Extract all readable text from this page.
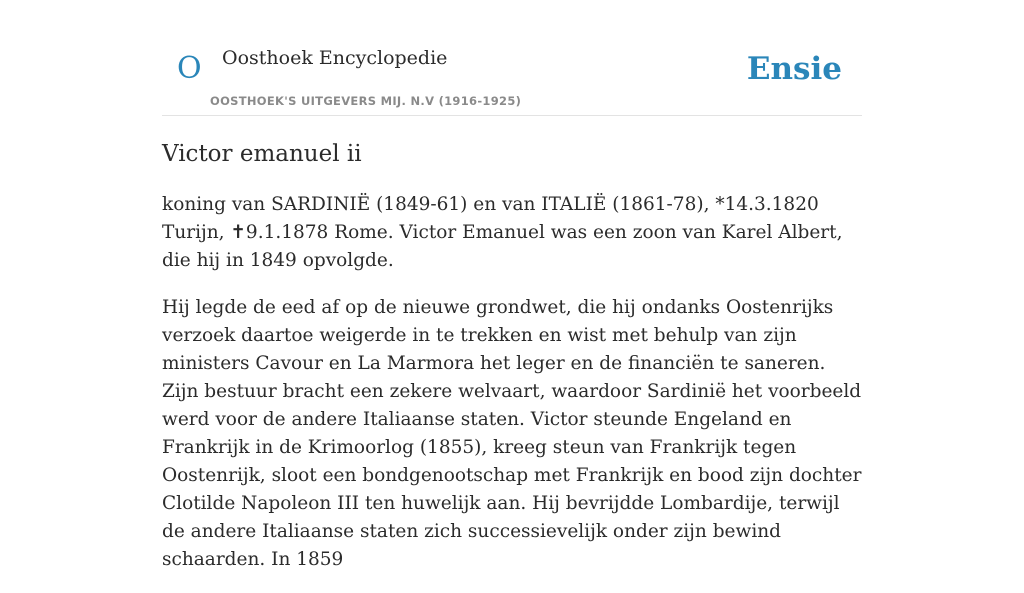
O Oosthoek Encyclopedie
OOSTHOEK'S UITGEVERS MIJ. N.V (1916-1925)
Ensie
Victor emanuel ii

koning van SARDINIË (1849-61) en van ITALIË (1861-78), *14.3.1820 Turijn, ✝9.1.1878 Rome. Victor Emanuel was een zoon van Karel Albert, die hij in 1849 opvolgde.

Hij legde de eed af op de nieuwe grondwet, die hij ondanks Oostenrijks verzoek daartoe weigerde in te trekken en wist met behulp van zijn ministers Cavour en La Marmora het leger en de financiën te saneren. Zijn bestuur bracht een zekere welvaart, waardoor Sardinië het voorbeeld werd voor de andere Italiaanse staten. Victor steunde Engeland en Frankrijk in de Krimoorlog (1855), kreeg steun van Frankrijk tegen Oostenrijk, sloot een bondgenootschap met Frankrijk en bood zijn dochter Clotilde Napoleon III ten huwelijk aan. Hij bevrijdde Lombardije, terwijl de andere Italiaanse staten zich successievelijk onder zijn bewind schaarden. In 1859
